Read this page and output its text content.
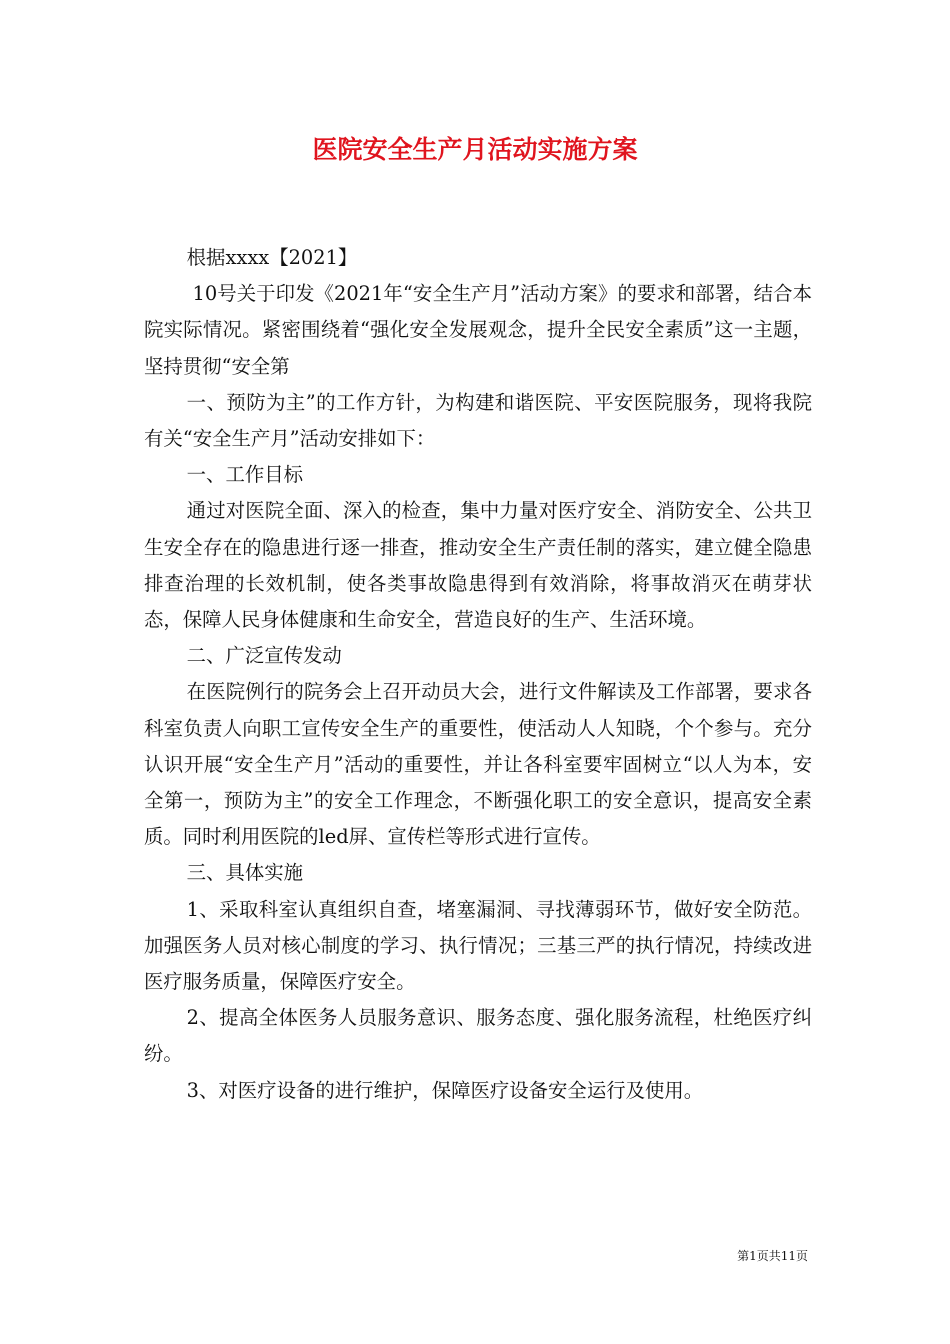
医院安全生产月活动实施方案

根据xxxx【2021】

10号关于印发《2021年“安全生产月”活动方案》的要求和部署，结合本院实际情况。紧密围绕着“强化安全发展观念，提升全民安全素质”这一主题，坚持贯彻“安全第

一、预防为主”的工作方针，为构建和谐医院、平安医院服务，现将我院有关“安全生产月”活动安排如下：

一、工作目标

通过对医院全面、深入的检查，集中力量对医疗安全、消防安全、公共卫生安全存在的隐患进行逐一排查，推动安全生产责任制的落实，建立健全隐患排查治理的长效机制，使各类事故隐患得到有效消除，将事故消灭在萌芽状态，保障人民身体健康和生命安全，营造良好的生产、生活环境。

二、广泛宣传发动

在医院例行的院务会上召开动员大会，进行文件解读及工作部署，要求各科室负责人向职工宣传安全生产的重要性，使活动人人知晓，个个参与。充分认识开展“安全生产月”活动的重要性，并让各科室要牢固树立“以人为本，安全第一，预防为主”的安全工作理念，不断强化职工的安全意识，提高安全素质。同时利用医院的led屏、宣传栏等形式进行宣传。

三、具体实施

1、采取科室认真组织自查，堵塞漏洞、寻找薄弱环节，做好安全防范。加强医务人员对核心制度的学习、执行情况；三基三严的执行情况，持续改进医疗服务质量，保障医疗安全。

2、提高全体医务人员服务意识、服务态度、强化服务流程，杜绝医疗纠纷。

3、对医疗设备的进行维护，保障医疗设备安全运行及使用。

第1页共11页
